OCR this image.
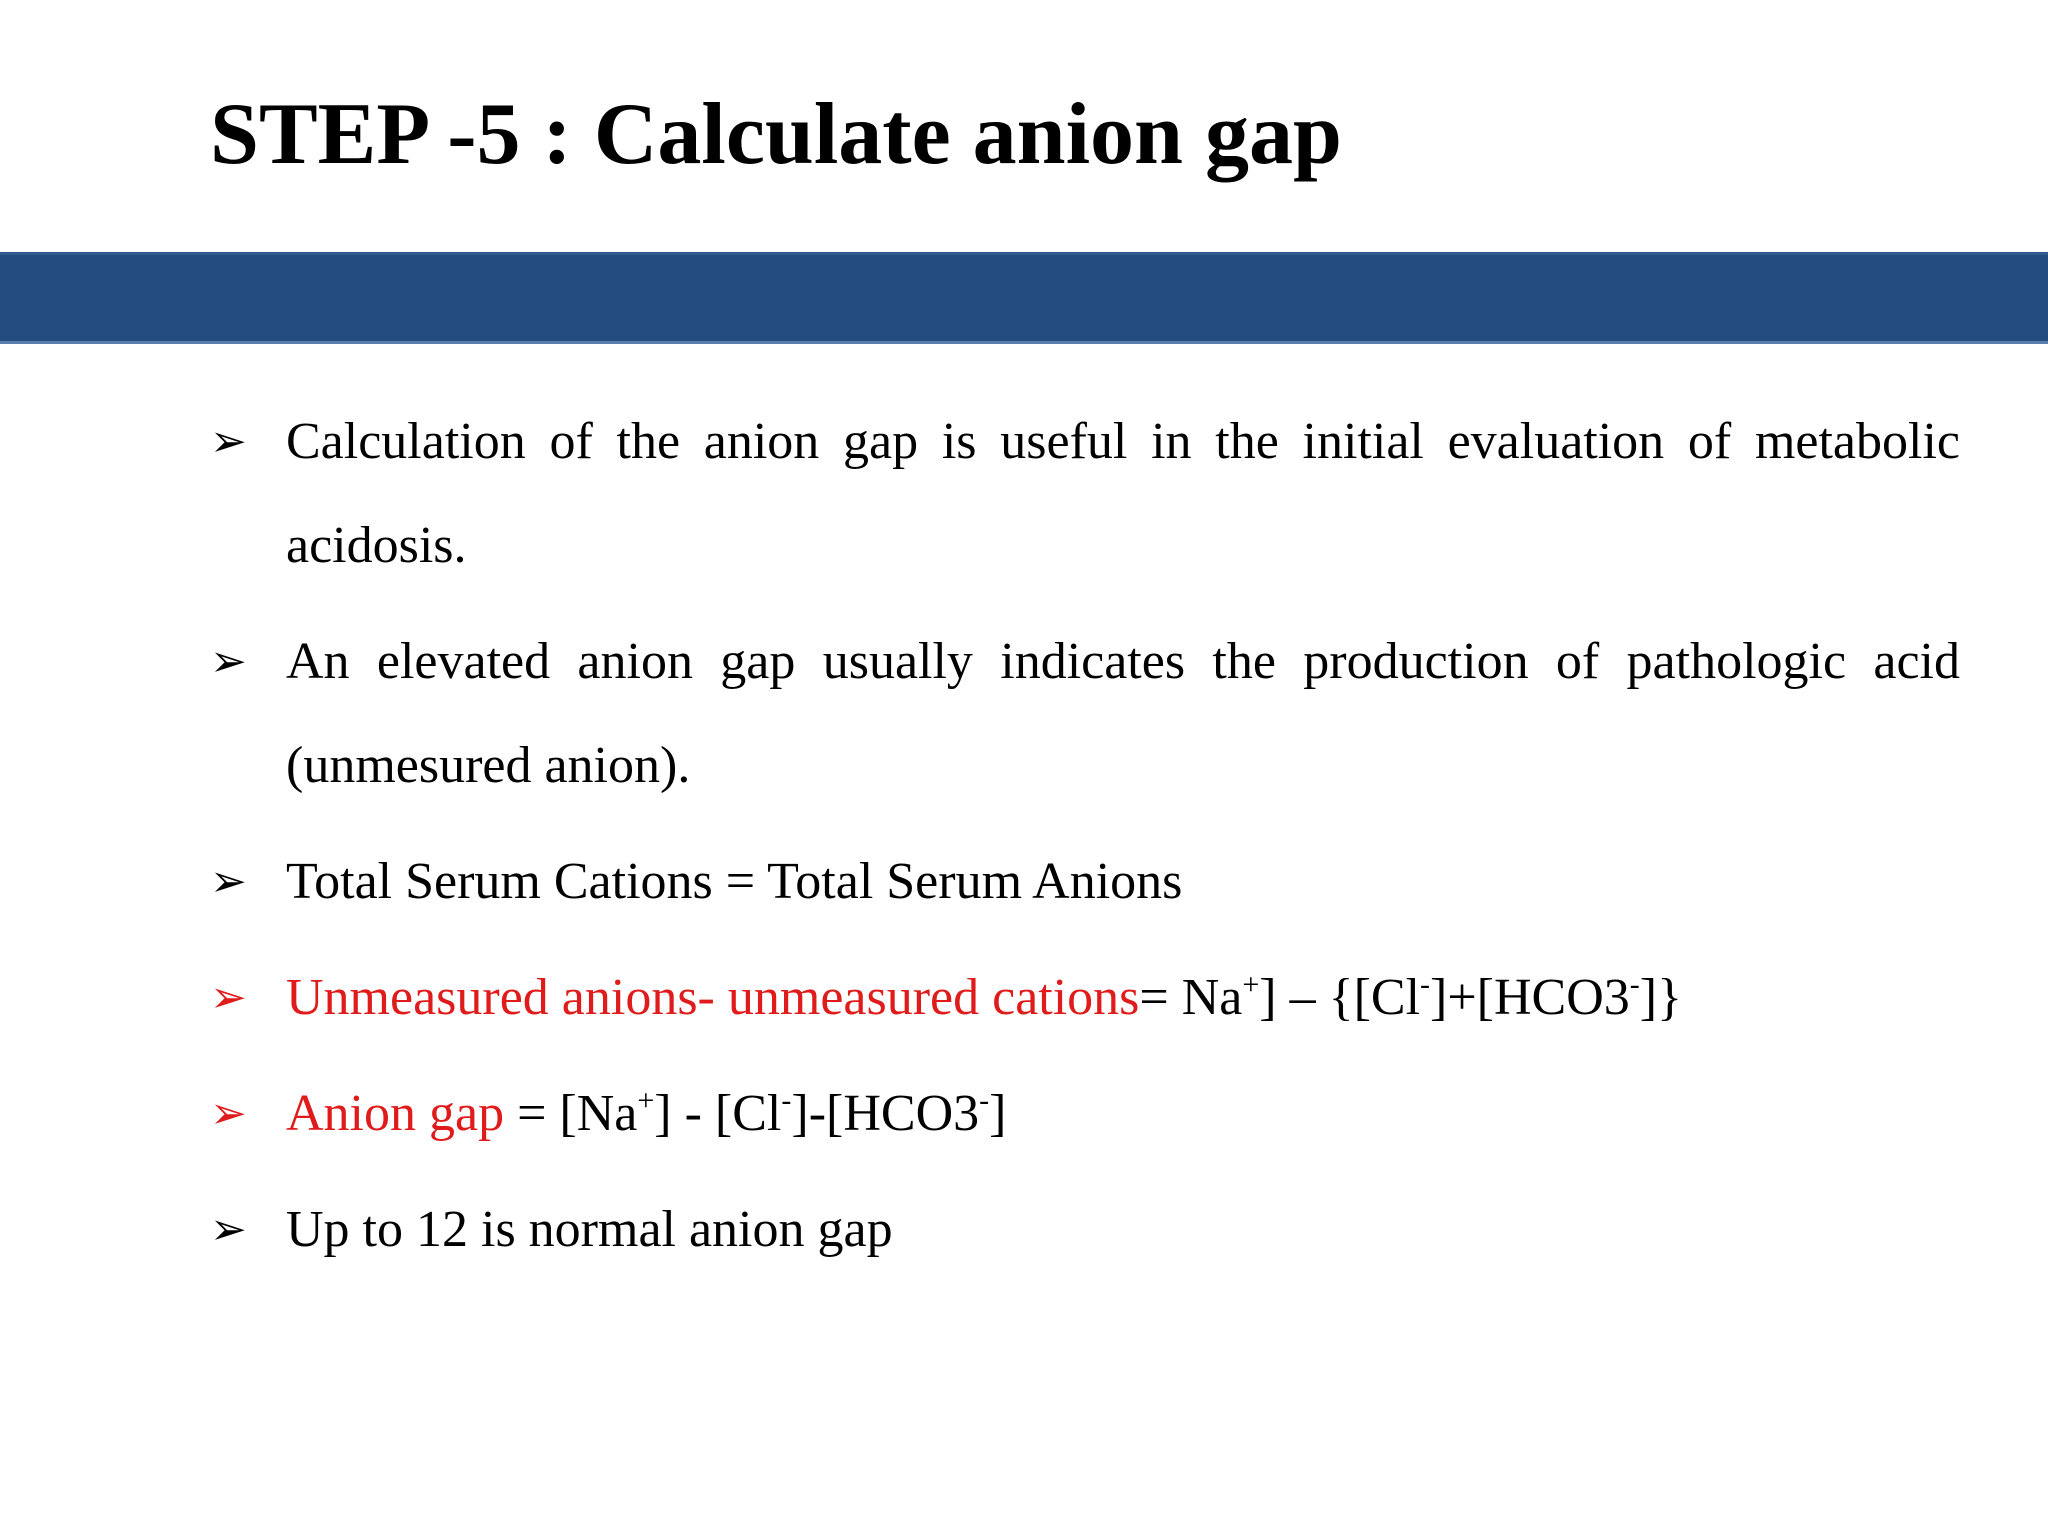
STEP -5 : Calculate anion gap
➢ Calculation of the anion gap is useful in the initial evaluation of metabolic acidosis.
➢ An elevated anion gap usually indicates the production of pathologic acid (unmesured anion).
➢ Total Serum Cations = Total Serum Anions
➢ Unmeasured anions- unmeasured cations= Na+] – {[Cl-]+[HCO3-]}
➢ Anion gap = [Na+] - [Cl-]-[HCO3-]
➢ Up to 12 is normal anion gap
